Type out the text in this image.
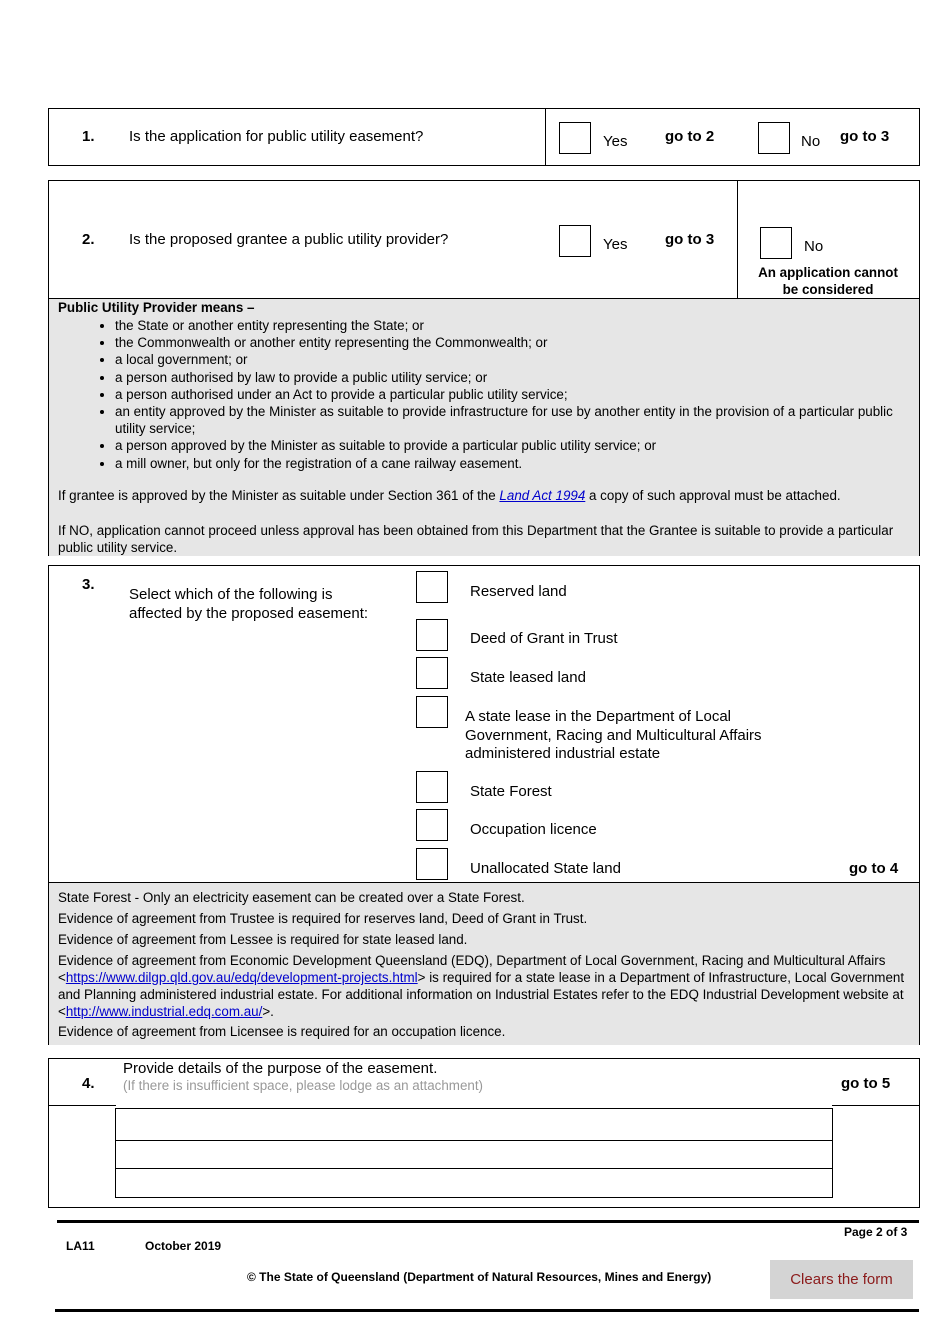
1. Is the application for public utility easement?	Yes	go to 2	No go to 3
2. Is the proposed grantee a public utility provider?	Yes	go to 3	No
An application cannot
be considered
Public Utility Provider means –
• the State or another entity representing the State; or
• the Commonwealth or another entity representing the Commonwealth; or
• a local government; or
• a person authorised by law to provide a public utility service; or
• a person authorised under an Act to provide a particular public utility service;
• an entity approved by the Minister as suitable to provide infrastructure for use by another entity in the provision of a particular public utility service;
• a person approved by the Minister as suitable to provide a particular public utility service; or
• a mill owner, but only for the registration of a cane railway easement.
If grantee is approved by the Minister as suitable under Section 361 of the Land Act 1994 a copy of such approval must be attached.
If NO, application cannot proceed unless approval has been obtained from this Department that the Grantee is suitable to provide a particular public utility service.
3.
Select which of the following is
affected by the proposed easement:
Reserved land
Deed of Grant in Trust
State leased land
A state lease in the Department of Local
Government, Racing and Multicultural Affairs
administered industrial estate
State Forest
Occupation licence
Unallocated State land	go to 4
State Forest - Only an electricity easement can be created over a State Forest.
Evidence of agreement from Trustee is required for reserves land, Deed of Grant in Trust.
Evidence of agreement from Lessee is required for state leased land.
Evidence of agreement from Economic Development Queensland (EDQ), Department of Local Government, Racing and Multicultural Affairs <https://www.dilgp.qld.gov.au/edq/development-projects.html> is required for a state lease in a Department of Infrastructure, Local Government and Planning administered industrial estate. For additional information on Industrial Estates refer to the EDQ Industrial Development website at <http://www.industrial.edq.com.au/>.
Evidence of agreement from Licensee is required for an occupation licence.
4.
Provide details of the purpose of the easement.
(If there is insufficient space, please lodge as an attachment)	go to 5
Page 2 of 3
LA11	October 2019
© The State of Queensland (Department of Natural Resources, Mines and Energy)	Clears the form
